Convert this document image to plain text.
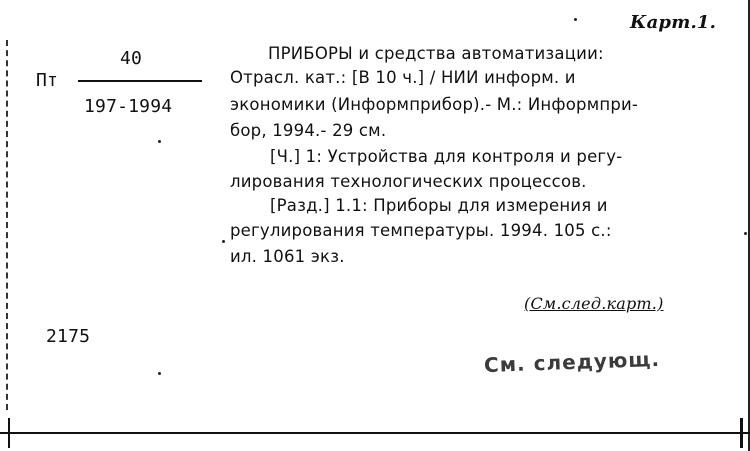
Карт.1.
40
Пт
197-1994
ПРИБОРЫ и средства автоматизации:
Отрасл. кат.: [В 10 ч.] / НИИ информ. и
экономики (Информприбор).- М.: Информпри-
бор, 1994.- 29 см.
[Ч.] 1: Устройства для контроля и регу-
лирования технологических процессов.
[Разд.] 1.1: Приборы для измерения и
регулирования температуры. 1994. 105 с.:
ил. 1061 экз.
(См.след.карт.)
См. следующ.
2175
